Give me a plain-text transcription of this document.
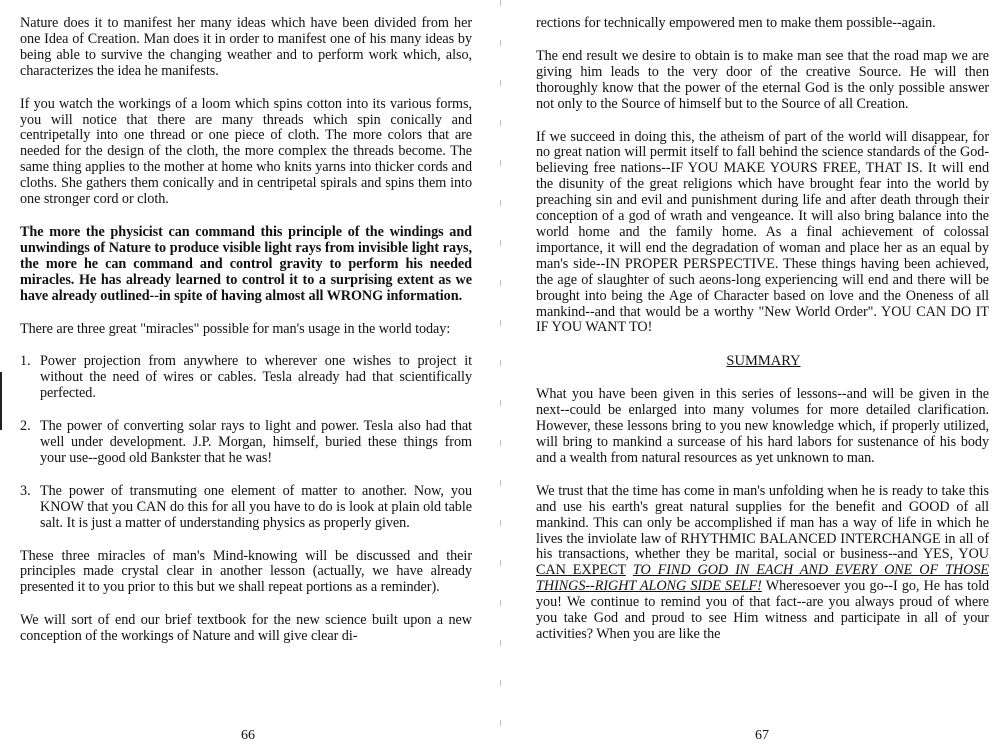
Nature does it to manifest her many ideas which have been divided from her one Idea of Creation. Man does it in order to manifest one of his many ideas by being able to survive the changing weather and to perform work which, also, characterizes the idea he manifests.

If you watch the workings of a loom which spins cotton into its various forms, you will notice that there are many threads which spin conically and centripetally into one thread or one piece of cloth. The more colors that are needed for the design of the cloth, the more complex the threads become. The same thing applies to the mother at home who knits yarns into thicker cords and cloths. She gathers them conically and in centripetal spirals and spins them into one stronger cord or cloth.

The more the physicist can command this principle of the windings and unwindings of Nature to produce visible light rays from invisible light rays, the more he can command and control gravity to perform his needed miracles. He has already learned to control it to a surprising extent as we have already outlined--in spite of having almost all WRONG information.

There are three great "miracles" possible for man's usage in the world today:

1. Power projection from anywhere to wherever one wishes to project it without the need of wires or cables. Tesla already had that scientifically perfected.

2. The power of converting solar rays to light and power. Tesla also had that well under development. J.P. Morgan, himself, buried these things from your use--good old Bankster that he was!

3. The power of transmuting one element of matter to another. Now, you KNOW that you CAN do this for all you have to do is look at plain old table salt. It is just a matter of understanding physics as properly given.

These three miracles of man's Mind-knowing will be discussed and their principles made crystal clear in another lesson (actually, we have already presented it to you prior to this but we shall repeat portions as a reminder).

We will sort of end our brief textbook for the new science built upon a new conception of the workings of Nature and will give clear di-

66

rections for technically empowered men to make them possible--again.

The end result we desire to obtain is to make man see that the road map we are giving him leads to the very door of the creative Source. He will then thoroughly know that the power of the eternal God is the only possible answer not only to the Source of himself but to the Source of all Creation.

If we succeed in doing this, the atheism of part of the world will disappear, for no great nation will permit itself to fall behind the science standards of the God-believing free nations--IF YOU MAKE YOURS FREE, THAT IS. It will end the disunity of the great religions which have brought fear into the world by preaching sin and evil and punishment during life and after death through their conception of a god of wrath and vengeance. It will also bring balance into the world home and the family home. As a final achievement of colossal importance, it will end the degradation of woman and place her as an equal by man's side--IN PROPER PERSPECTIVE. These things having been achieved, the age of slaughter of such aeons-long experiencing will end and there will be brought into being the Age of Character based on love and the Oneness of all mankind--and that would be a worthy "New World Order". YOU CAN DO IT IF YOU WANT TO!

SUMMARY

What you have been given in this series of lessons--and will be given in the next--could be enlarged into many volumes for more detailed clarification. However, these lessons bring to you new knowledge which, if properly utilized, will bring to mankind a surcease of his hard labors for sustenance of his body and a wealth from natural resources as yet unknown to man.

We trust that the time has come in man's unfolding when he is ready to take this and use his earth's great natural supplies for the benefit and GOOD of all mankind. This can only be accomplished if man has a way of life in which he lives the inviolate law of RHYTHMIC BALANCED INTERCHANGE in all of his transactions, whether they be marital, social or business--and YES, YOU CAN EXPECT TO FIND GOD IN EACH AND EVERY ONE OF THOSE THINGS--RIGHT ALONG SIDE SELF! Wheresoever you go--I go, He has told you! We continue to remind you of that fact--are you always proud of where you take God and proud to see Him witness and participate in all of your activities? When you are like the

67
